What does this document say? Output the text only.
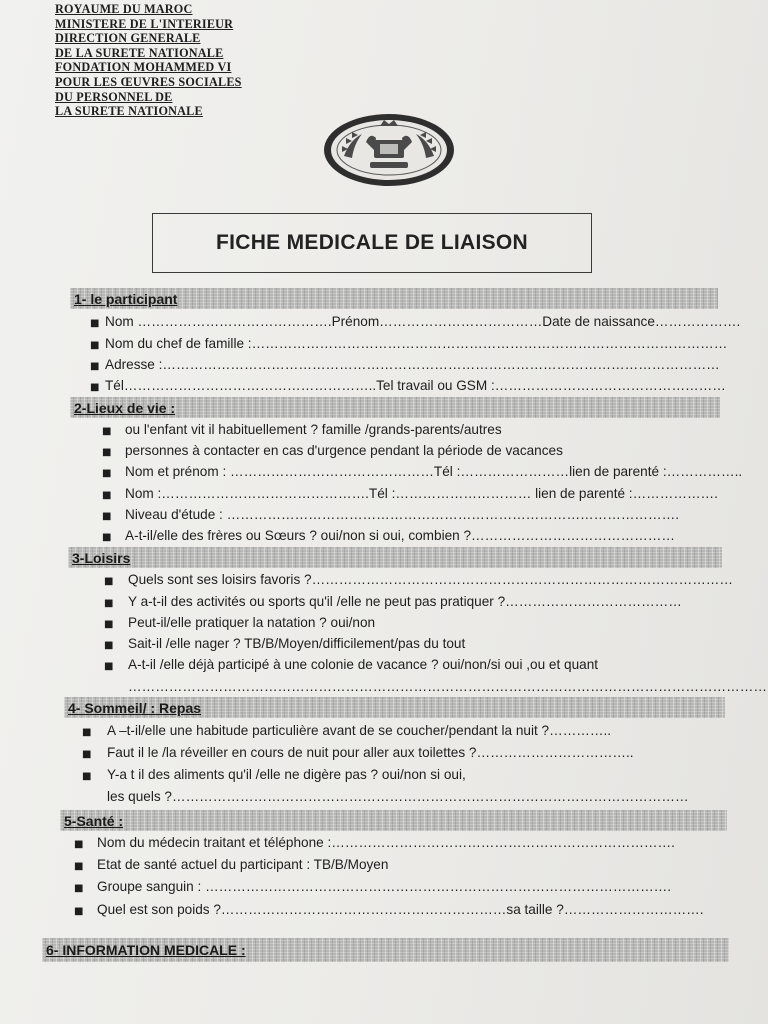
ROYAUME DU MAROC
MINISTERE DE L'INTERIEUR
DIRECTION GENERALE
DE LA SURETE NATIONALE
FONDATION MOHAMMED VI
POUR LES ŒUVRES SOCIALES
DU PERSONNEL DE
LA SURETE NATIONALE
FICHE MEDICALE DE LIAISON
1- le participant
■ Nom …………………………………….Prénom………………………………Date de naissance……………….
■ Nom du chef de famille :……………………………………………………………………………………………
■ Adresse :……………………………………………………………………………………………………………
■ Tél………………………………………………..Tel travail ou GSM :……………………………………………
2-Lieux de vie :
■ ou l'enfant vit il habituellement ? famille /grands-parents/autres
■ personnes à contacter en cas d'urgence pendant la période de vacances
■ Nom et prénom : ………………………………………Tél :……………………lien de parenté :……………..
■ Nom :……………………………………….Tél :………………………… lien de parenté :……………….
■ Niveau d'étude : ……………………………………………………………………………………….
■ A-t-il/elle des frères ou Sœurs ? oui/non si oui, combien ?………………………………………
3-Loisirs
■ Quels sont ses loisirs favoris ?…………………………………………………………………………………
■ Y a-t-il des activités ou sports qu'il /elle ne peut pas pratiquer ?…………………………………
■ Peut-il/elle pratiquer la natation ? oui/non
■ Sait-il /elle nager ? TB/B/Moyen/difficilement/pas du tout
■ A-t-il /elle déjà participé à une colonie de vacance ? oui/non/si oui ,ou et quant
……………………………………………………………………………………………………………………………
4- Sommeil/ : Repas
■ A –t-il/elle une habitude particulière avant de se coucher/pendant la nuit ?…………..
■ Faut il le /la réveiller en cours de nuit pour aller aux toilettes ?……………………………..
■ Y-a t il des aliments qu'il /elle ne digère pas ? oui/non si oui,
les quels ?……………………………………………………………………………………………………
5-Santé :
■ Nom du médecin traitant et téléphone :………………………………………………………………….
■ Etat de santé actuel du participant : TB/B/Moyen
■ Groupe sanguin : ………………………………………………………………………………………….
■ Quel est son poids ?………………………………………………………sa taille ?………………………….
6- INFORMATION MEDICALE :
